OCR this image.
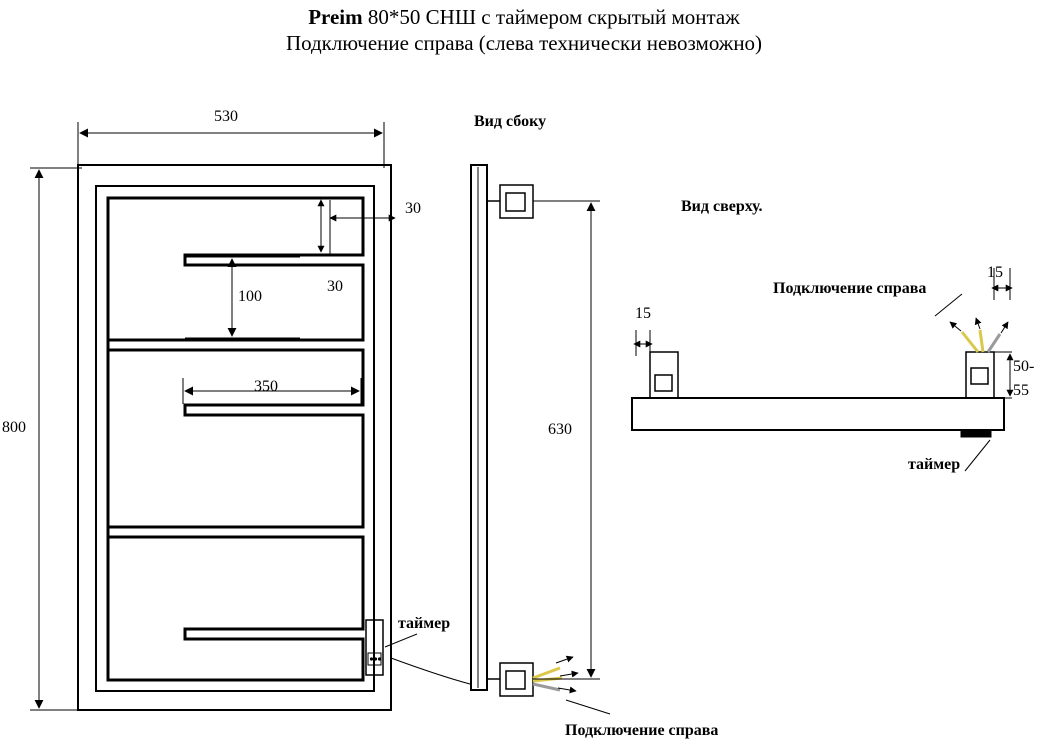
Preim 80*50 СНШ с таймером скрытый монтаж
Подключение справа (слева технически невозможно)
530
800
30
30
100
350
630
15
15
50-
55
Вид сбоку
Вид сверху.
таймер
таймер
Подключение справа
Подключение справа
